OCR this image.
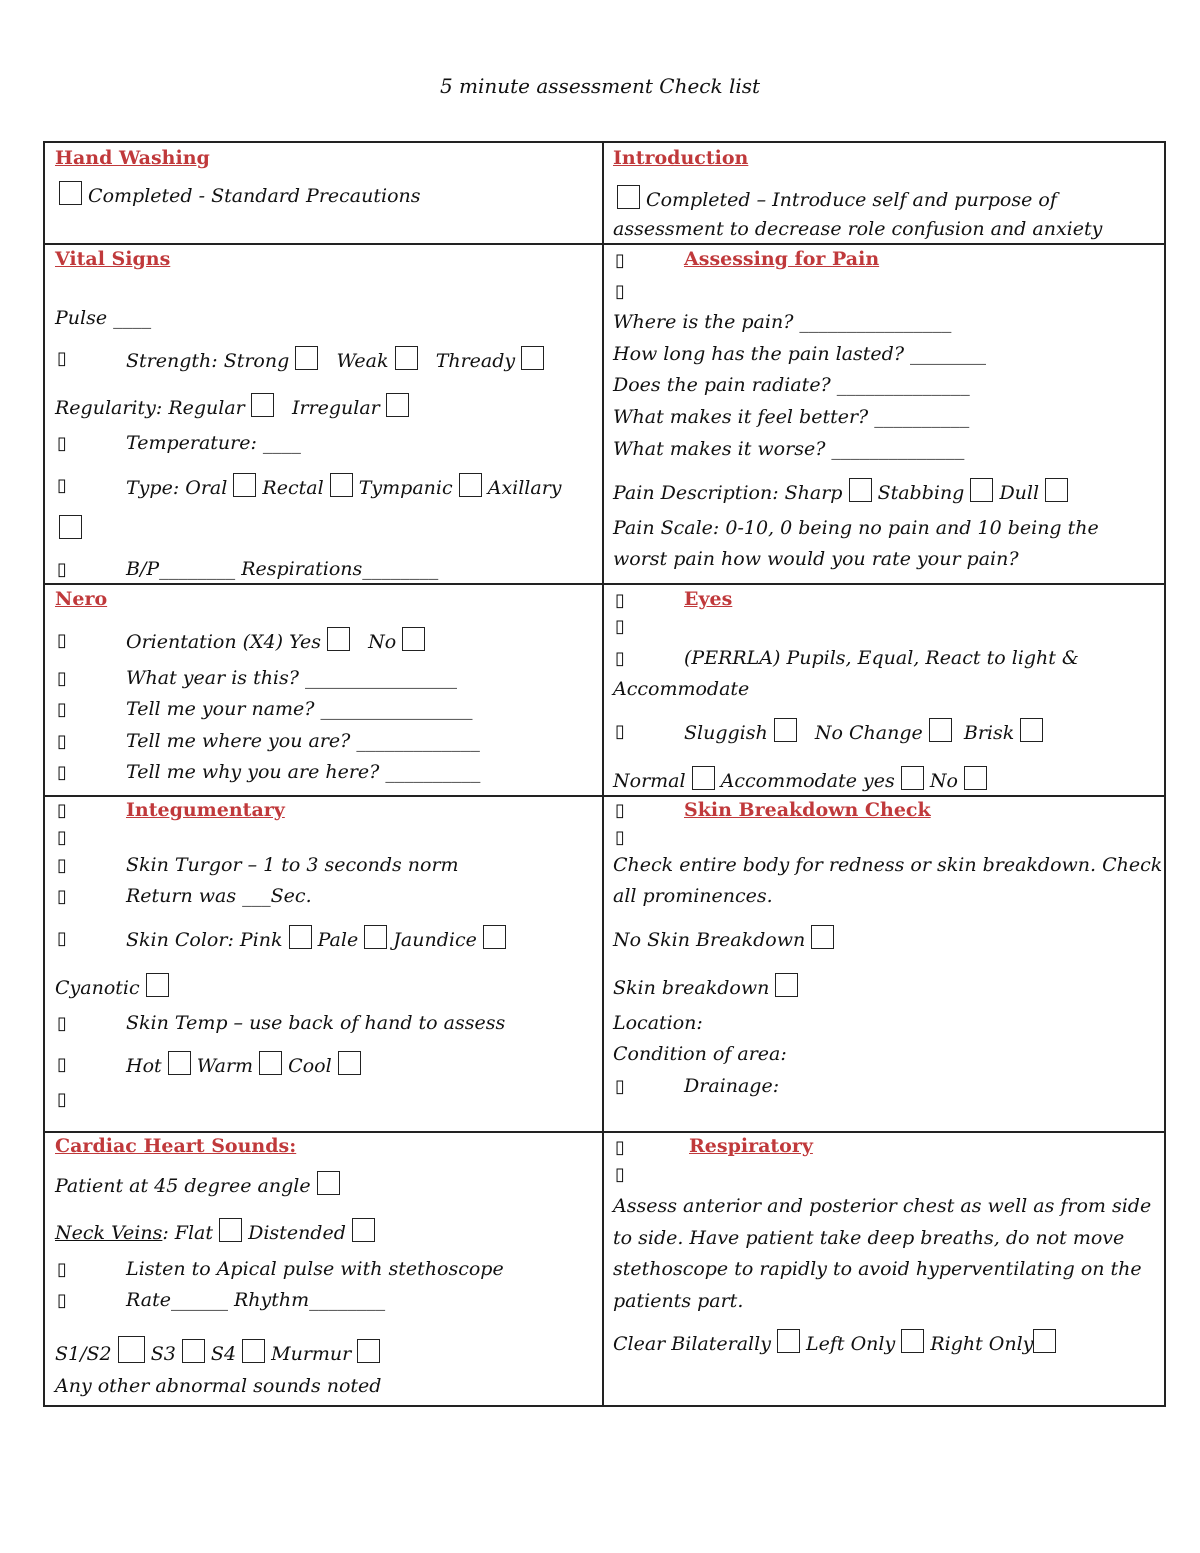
5 minute assessment Check list
Hand Washing
Completed - Standard Precautions
Introduction
Completed – Introduce self and purpose of
assessment to decrease role confusion and anxiety
Vital Signs
Pulse ____
▯	Strength: Strong Weak Thready
Regularity: Regular Irregular
▯	Temperature: ____
▯	Type: Oral Rectal Tympanic Axillary
▯	B/P________ Respirations________
▯	Assessing for Pain
▯
Where is the pain? ________________
How long has the pain lasted? ________
Does the pain radiate? ______________
What makes it feel better? __________
What makes it worse? ______________
Pain Description: Sharp Stabbing Dull
Pain Scale: 0-10, 0 being no pain and 10 being the
worst pain how would you rate your pain?
Nero
▯	Orientation (X4) Yes No
▯	What year is this? ________________
▯	Tell me your name? ________________
▯	Tell me where you are? _____________
▯	Tell me why you are here? __________
▯	Eyes
▯
▯	(PERRLA) Pupils, Equal, React to light &
Accommodate
▯	Sluggish No Change Brisk
Normal Accommodate yes No
▯	Integumentary
▯
▯	Skin Turgor – 1 to 3 seconds norm
▯	Return was ___Sec.
▯	Skin Color: Pink Pale Jaundice
Cyanotic
▯	Skin Temp – use back of hand to assess
▯	Hot Warm Cool
▯
▯	Skin Breakdown Check
▯
Check entire body for redness or skin breakdown. Check
all prominences.
No Skin Breakdown
Skin breakdown
Location:
Condition of area:
▯	Drainage:
Cardiac Heart Sounds:
Patient at 45 degree angle
Neck Veins: Flat Distended
▯	Listen to Apical pulse with stethoscope
▯	Rate______ Rhythm________
S1/S2 S3 S4 Murmur
Any other abnormal sounds noted
▯	Respiratory
▯
Assess anterior and posterior chest as well as from side
to side. Have patient take deep breaths, do not move
stethoscope to rapidly to avoid hyperventilating on the
patients part.
Clear Bilaterally Left Only Right Only
